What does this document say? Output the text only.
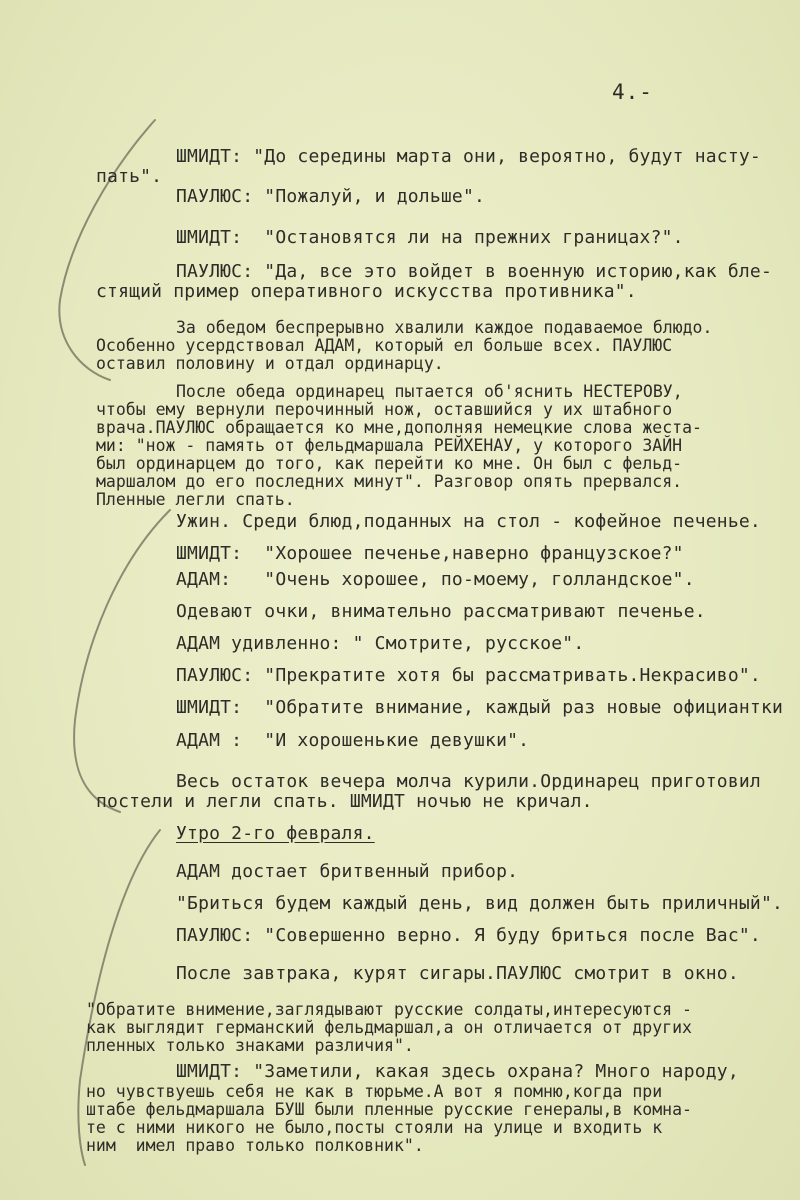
4.-
ШМИДТ: "До середины марта они, вероятно, будут насту-
пать".
ПАУЛЮС: "Пожалуй, и дольше".
ШМИДТ:  "Остановятся ли на прежних границах?".
ПАУЛЮС: "Да, все это войдет в военную историю,как бле-
стящий пример оперативного искусства противника".
За обедом беспрерывно хвалили каждое подаваемое блюдо.
Особенно усердствовал АДАМ, который ел больше всех. ПАУЛЮС
оставил половину и отдал ординарцу.
После обеда ординарец пытается об'яснить НЕСТЕРОВУ,
чтобы ему вернули перочинный нож, оставшийся у их штабного
врача.ПАУЛЮС обращается ко мне,дополняя немецкие слова жеста-
ми: "нож - память от фельдмаршала РЕЙХЕНАУ, у которого ЗАЙН
был ординарцем до того, как перейти ко мне. Он был с фельд-
маршалом до его последних минут". Разговор опять прервался.
Пленные легли спать.
Ужин. Среди блюд,поданных на стол - кофейное печенье.
ШМИДТ:  "Хорошее печенье,наверно французское?"
АДАМ:   "Очень хорошее, по-моему, голландское".
Одевают очки, внимательно рассматривают печенье.
АДАМ удивленно: " Смотрите, русское".
ПАУЛЮС: "Прекратите хотя бы рассматривать.Некрасиво".
ШМИДТ:  "Обратите внимание, каждый раз новые официантки
АДАМ :  "И хорошенькие девушки".
Весь остаток вечера молча курили.Ординарец приготовил
постели и легли спать. ШМИДТ ночью не кричал.
Утро 2-го февраля.
АДАМ достает бритвенный прибор.
"Бриться будем каждый день, вид должен быть приличный".
ПАУЛЮС: "Совершенно верно. Я буду бриться после Вас".
После завтрака, курят сигары.ПАУЛЮС смотрит в окно.
"Обратите внимение,заглядывают русские солдаты,интересуются -
как выглядит германский фельдмаршал,а он отличается от других
пленных только знаками различия".
ШМИДТ: "Заметили, какая здесь охрана? Много народу,
но чувствуешь себя не как в тюрьме.А вот я помню,когда при
штабе фельдмаршала БУШ были пленные русские генералы,в комна-
те с ними никого не было,посты стояли на улице и входить к
ним  имел право только полковник".
